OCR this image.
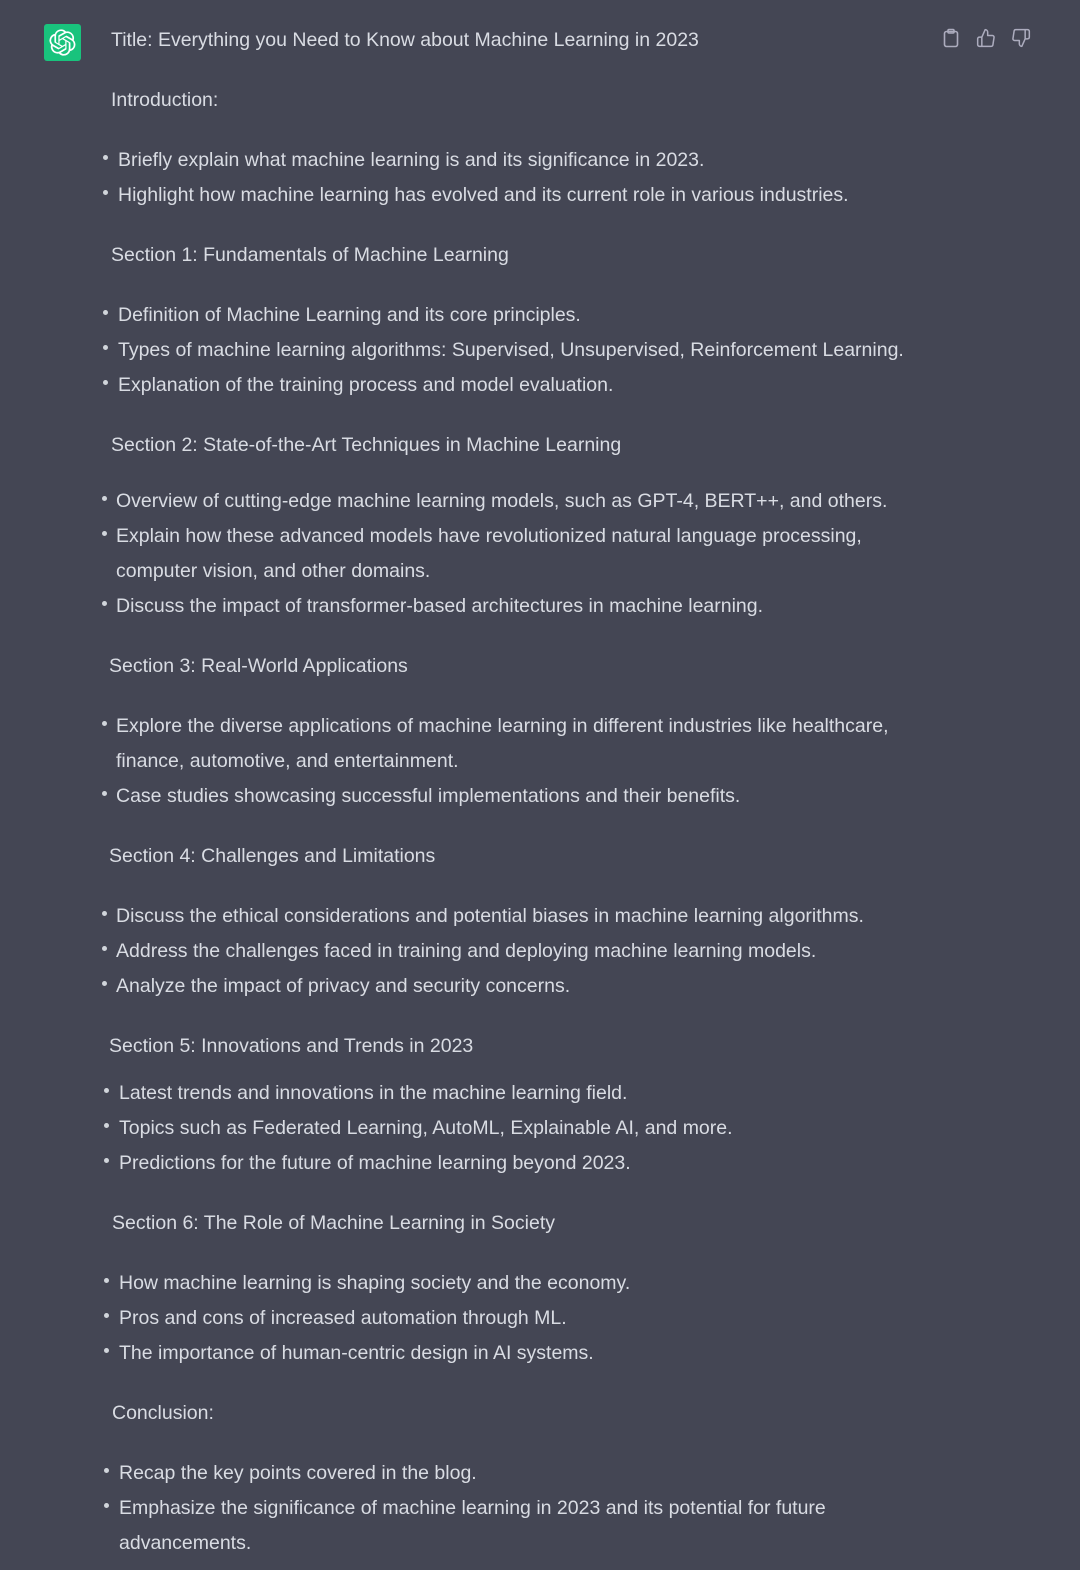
Title: Everything you Need to Know about Machine Learning in 2023
Introduction:
Briefly explain what machine learning is and its significance in 2023.
Highlight how machine learning has evolved and its current role in various industries.
Section 1: Fundamentals of Machine Learning
Definition of Machine Learning and its core principles.
Types of machine learning algorithms: Supervised, Unsupervised, Reinforcement Learning.
Explanation of the training process and model evaluation.
Section 2: State-of-the-Art Techniques in Machine Learning
Overview of cutting-edge machine learning models, such as GPT-4, BERT++, and others.
Explain how these advanced models have revolutionized natural language processing,
computer vision, and other domains.
Discuss the impact of transformer-based architectures in machine learning.
Section 3: Real-World Applications
Explore the diverse applications of machine learning in different industries like healthcare,
finance, automotive, and entertainment.
Case studies showcasing successful implementations and their benefits.
Section 4: Challenges and Limitations
Discuss the ethical considerations and potential biases in machine learning algorithms.
Address the challenges faced in training and deploying machine learning models.
Analyze the impact of privacy and security concerns.
Section 5: Innovations and Trends in 2023
Latest trends and innovations in the machine learning field.
Topics such as Federated Learning, AutoML, Explainable AI, and more.
Predictions for the future of machine learning beyond 2023.
Section 6: The Role of Machine Learning in Society
How machine learning is shaping society and the economy.
Pros and cons of increased automation through ML.
The importance of human-centric design in AI systems.
Conclusion:
Recap the key points covered in the blog.
Emphasize the significance of machine learning in 2023 and its potential for future
advancements.
